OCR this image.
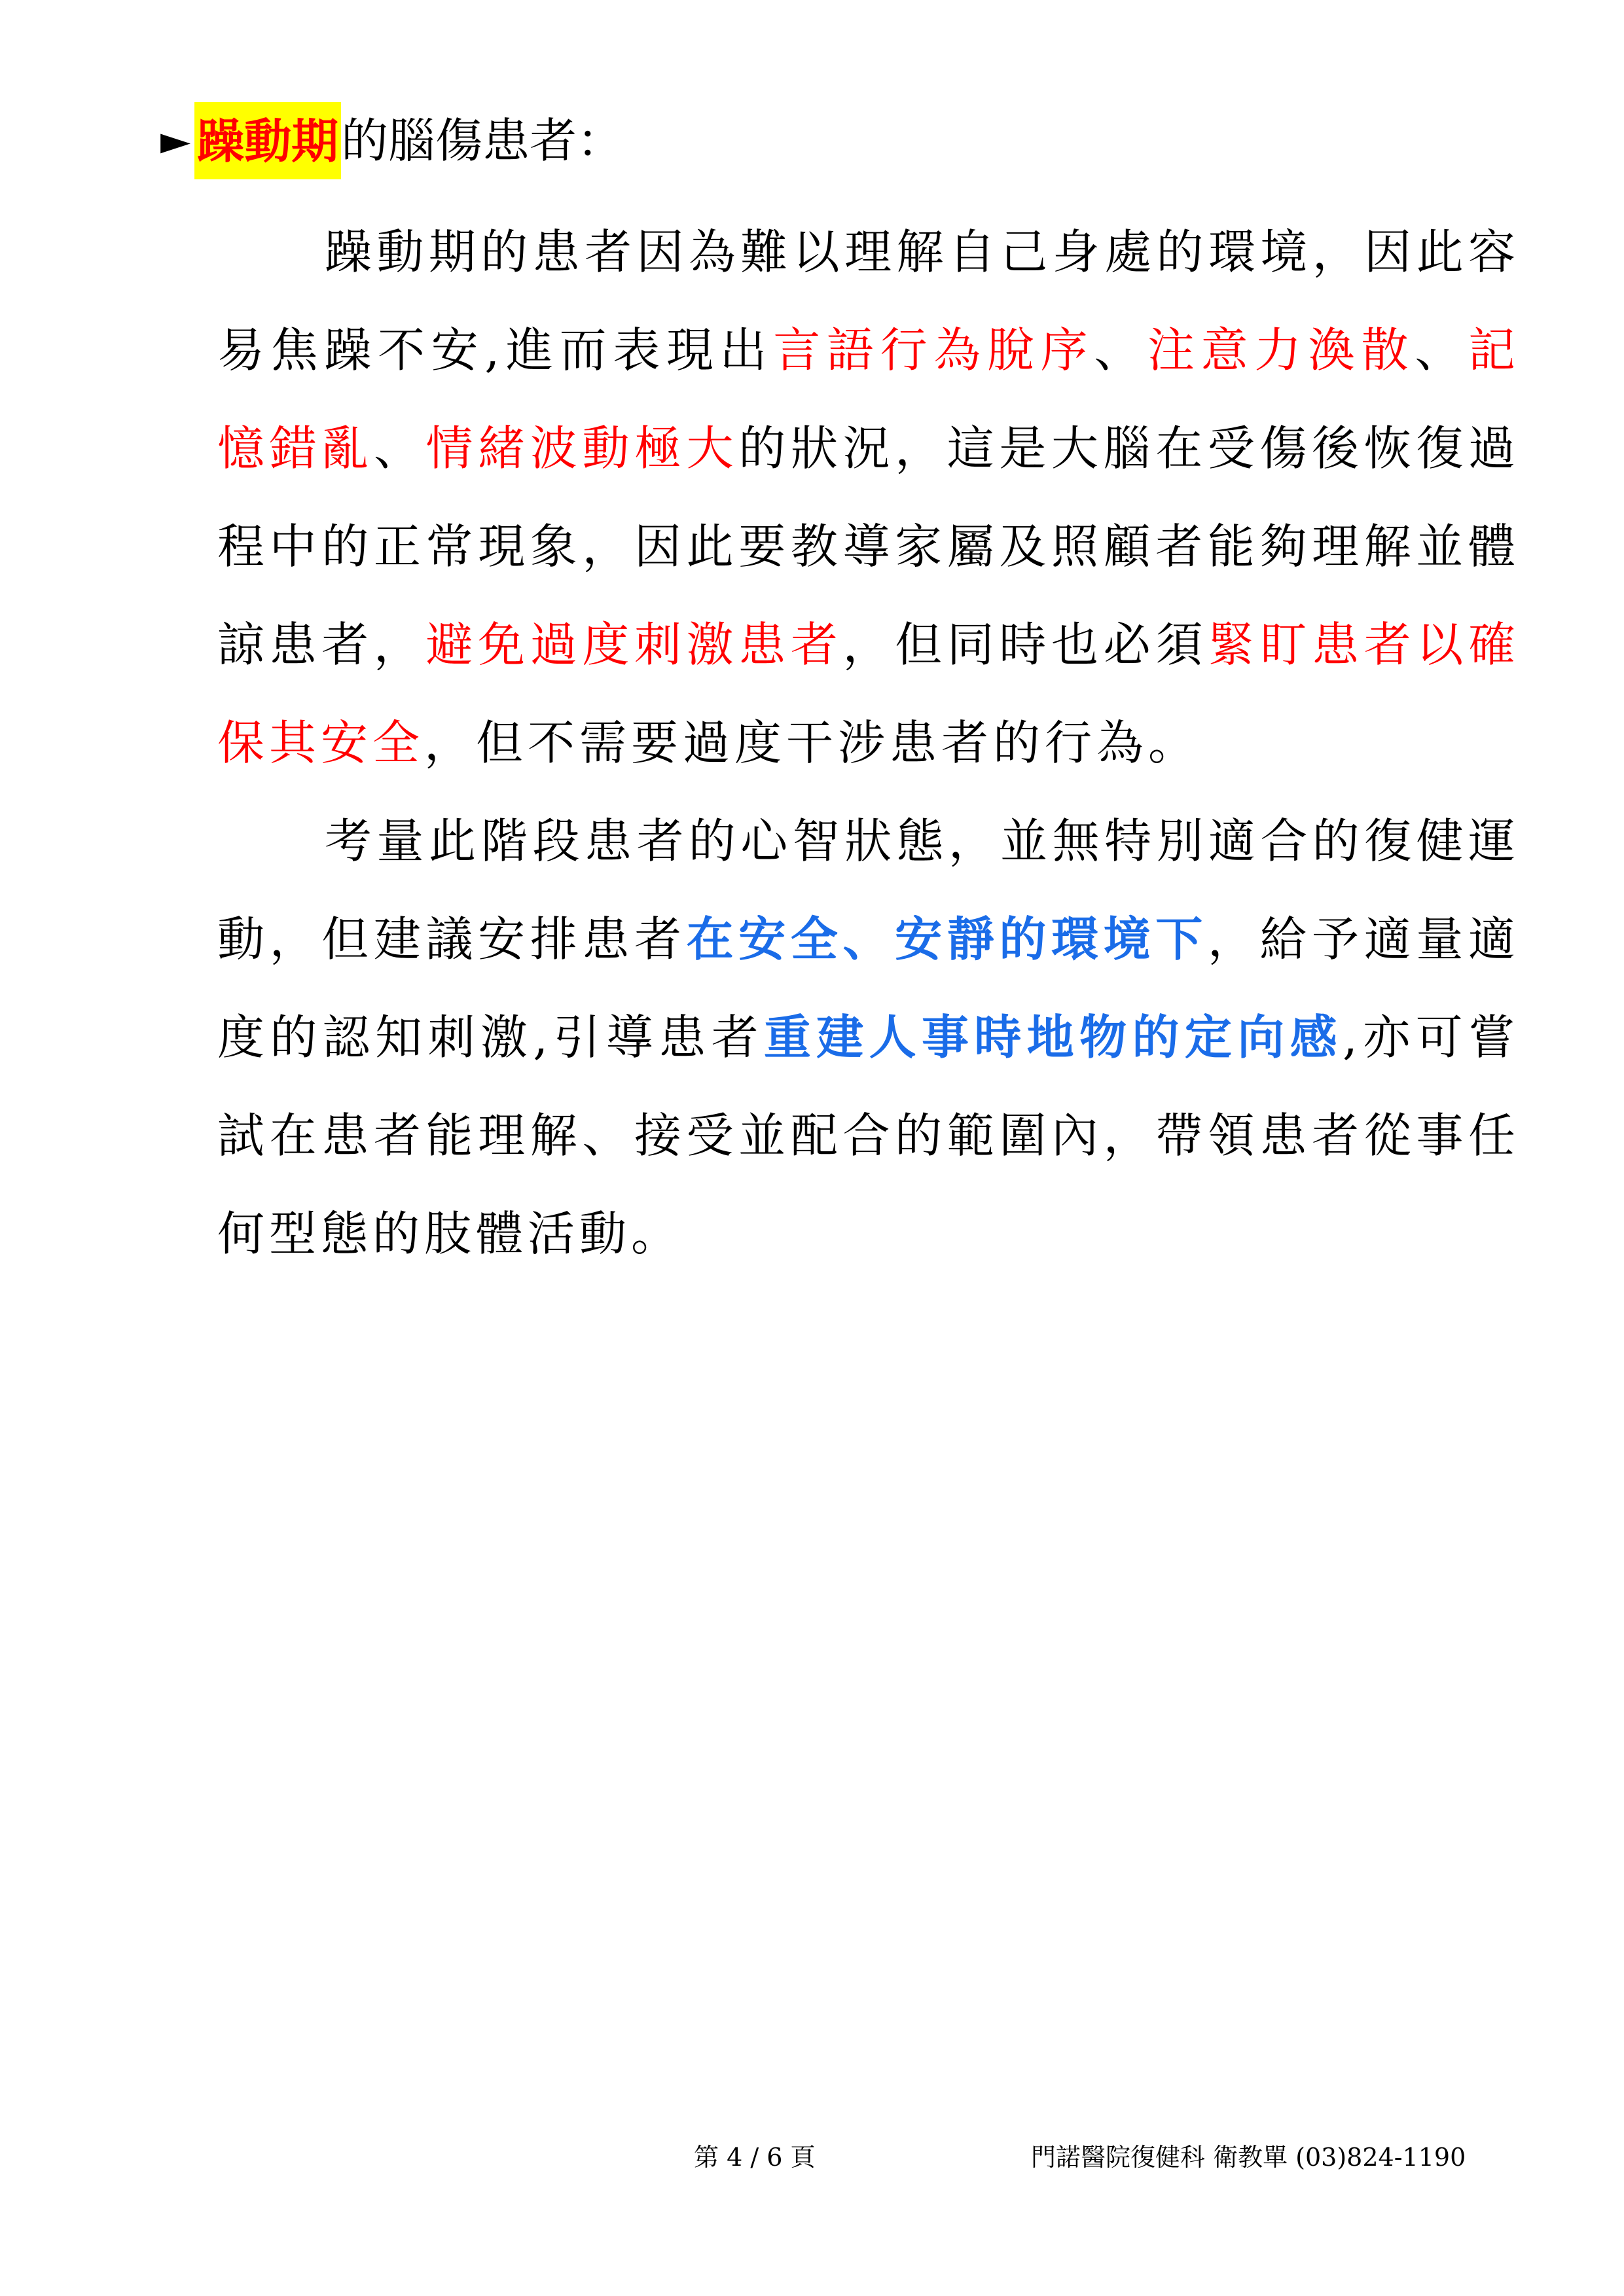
► 躁動期 的腦傷患者：

躁動期的患者因為難以理解自己身處的環境，因此容易焦躁不安,進而表現出言語行為脫序、注意力渙散、記憶錯亂、情緒波動極大的狀況，這是大腦在受傷後恢復過程中的正常現象，因此要教導家屬及照顧者能夠理解並體諒患者，避免過度刺激患者，但同時也必須緊盯患者以確保其安全，但不需要過度干涉患者的行為。

考量此階段患者的心智狀態，並無特別適合的復健運動，但建議安排患者在安全、安靜的環境下，給予適量適度的認知刺激,引導患者重建人事時地物的定向感,亦可嘗試在患者能理解、接受並配合的範圍內，帶領患者從事任何型態的肢體活動。

第 4 / 6 頁	門諾醫院復健科 衛教單 (03)824-1190
